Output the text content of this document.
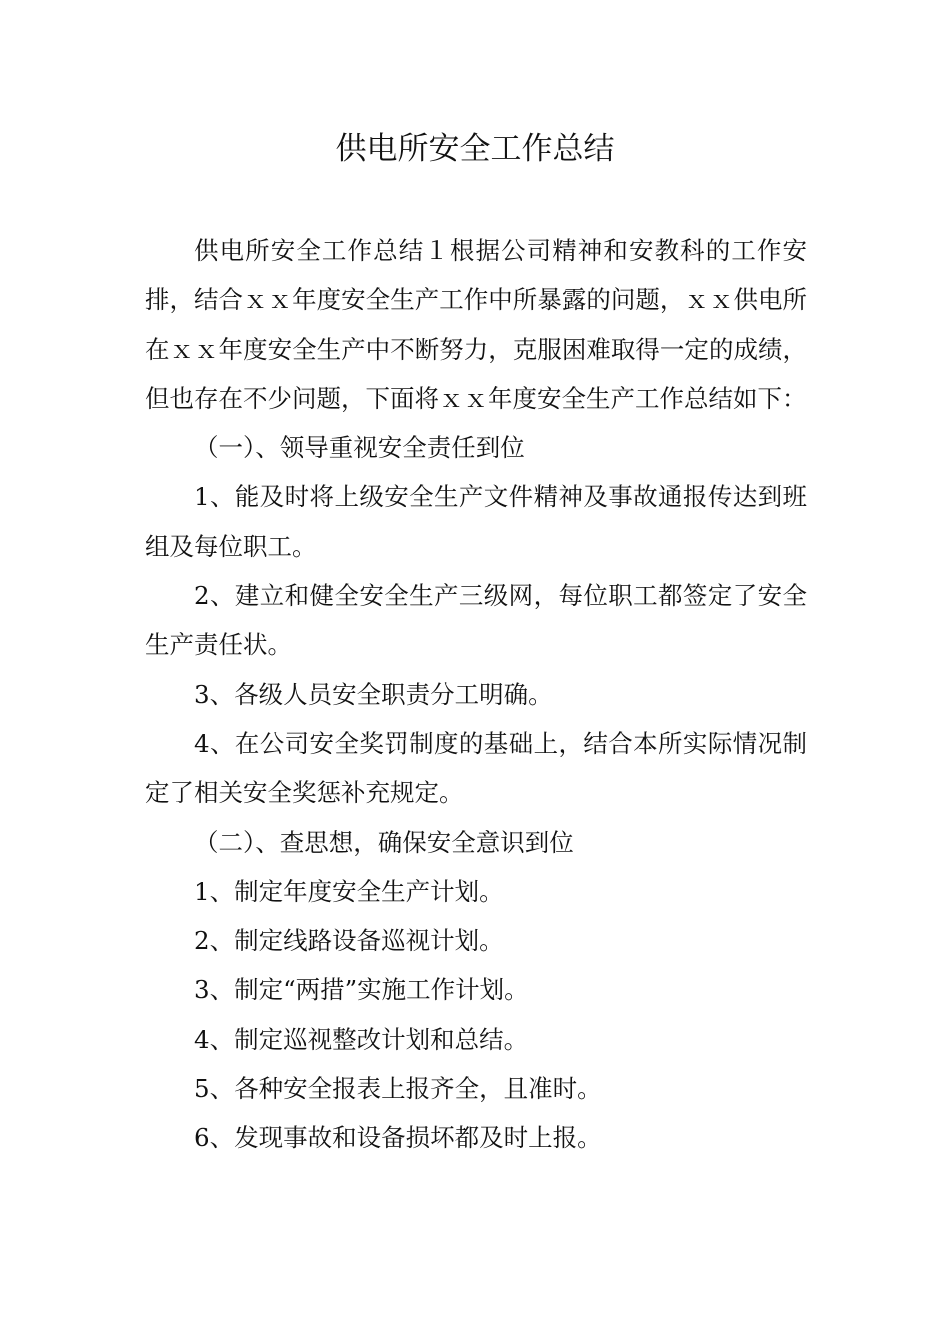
供电所安全工作总结

供电所安全工作总结１根据公司精神和安教科的工作安排，结合ｘｘ年度安全生产工作中所暴露的问题，ｘｘ供电所在ｘｘ年度安全生产中不断努力，克服困难取得一定的成绩，但也存在不少问题，下面将ｘｘ年度安全生产工作总结如下：

（一）、领导重视安全责任到位

1、能及时将上级安全生产文件精神及事故通报传达到班组及每位职工。

2、建立和健全安全生产三级网，每位职工都签定了安全生产责任状。

3、各级人员安全职责分工明确。

4、在公司安全奖罚制度的基础上，结合本所实际情况制定了相关安全奖惩补充规定。

（二）、查思想，确保安全意识到位

1、制定年度安全生产计划。

2、制定线路设备巡视计划。

3、制定“两措”实施工作计划。

4、制定巡视整改计划和总结。

5、各种安全报表上报齐全，且准时。

6、发现事故和设备损坏都及时上报。
